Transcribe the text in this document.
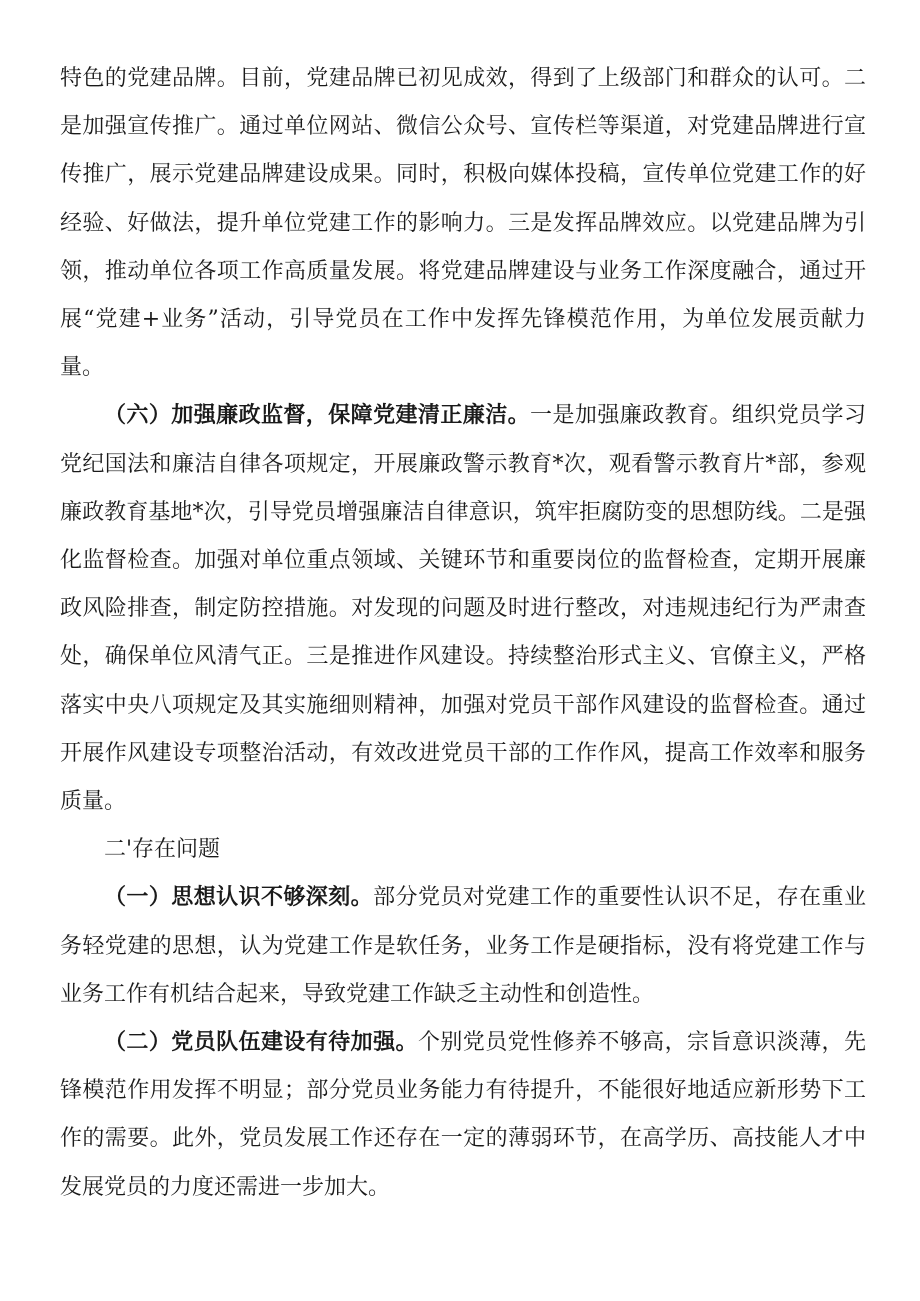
特色的党建品牌。目前，党建品牌已初见成效，得到了上级部门和群众的认可。二是加强宣传推广。通过单位网站、微信公众号、宣传栏等渠道，对党建品牌进行宣传推广，展示党建品牌建设成果。同时，积极向媒体投稿，宣传单位党建工作的好经验、好做法，提升单位党建工作的影响力。三是发挥品牌效应。以党建品牌为引领，推动单位各项工作高质量发展。将党建品牌建设与业务工作深度融合，通过开展“党建+业务”活动，引导党员在工作中发挥先锋模范作用，为单位发展贡献力量。

（六）加强廉政监督，保障党建清正廉洁。一是加强廉政教育。组织党员学习党纪国法和廉洁自律各项规定，开展廉政警示教育*次，观看警示教育片*部，参观廉政教育基地*次，引导党员增强廉洁自律意识，筑牢拒腐防变的思想防线。二是强化监督检查。加强对单位重点领域、关键环节和重要岗位的监督检查，定期开展廉政风险排查，制定防控措施。对发现的问题及时进行整改，对违规违纪行为严肃查处，确保单位风清气正。三是推进作风建设。持续整治形式主义、官僚主义，严格落实中央八项规定及其实施细则精神，加强对党员干部作风建设的监督检查。通过开展作风建设专项整治活动，有效改进党员干部的工作作风，提高工作效率和服务质量。

二'存在问题

（一）思想认识不够深刻。部分党员对党建工作的重要性认识不足，存在重业务轻党建的思想，认为党建工作是软任务，业务工作是硬指标，没有将党建工作与业务工作有机结合起来，导致党建工作缺乏主动性和创造性。

（二）党员队伍建设有待加强。个别党员党性修养不够高，宗旨意识淡薄，先锋模范作用发挥不明显；部分党员业务能力有待提升，不能很好地适应新形势下工作的需要。此外，党员发展工作还存在一定的薄弱环节，在高学历、高技能人才中发展党员的力度还需进一步加大。
